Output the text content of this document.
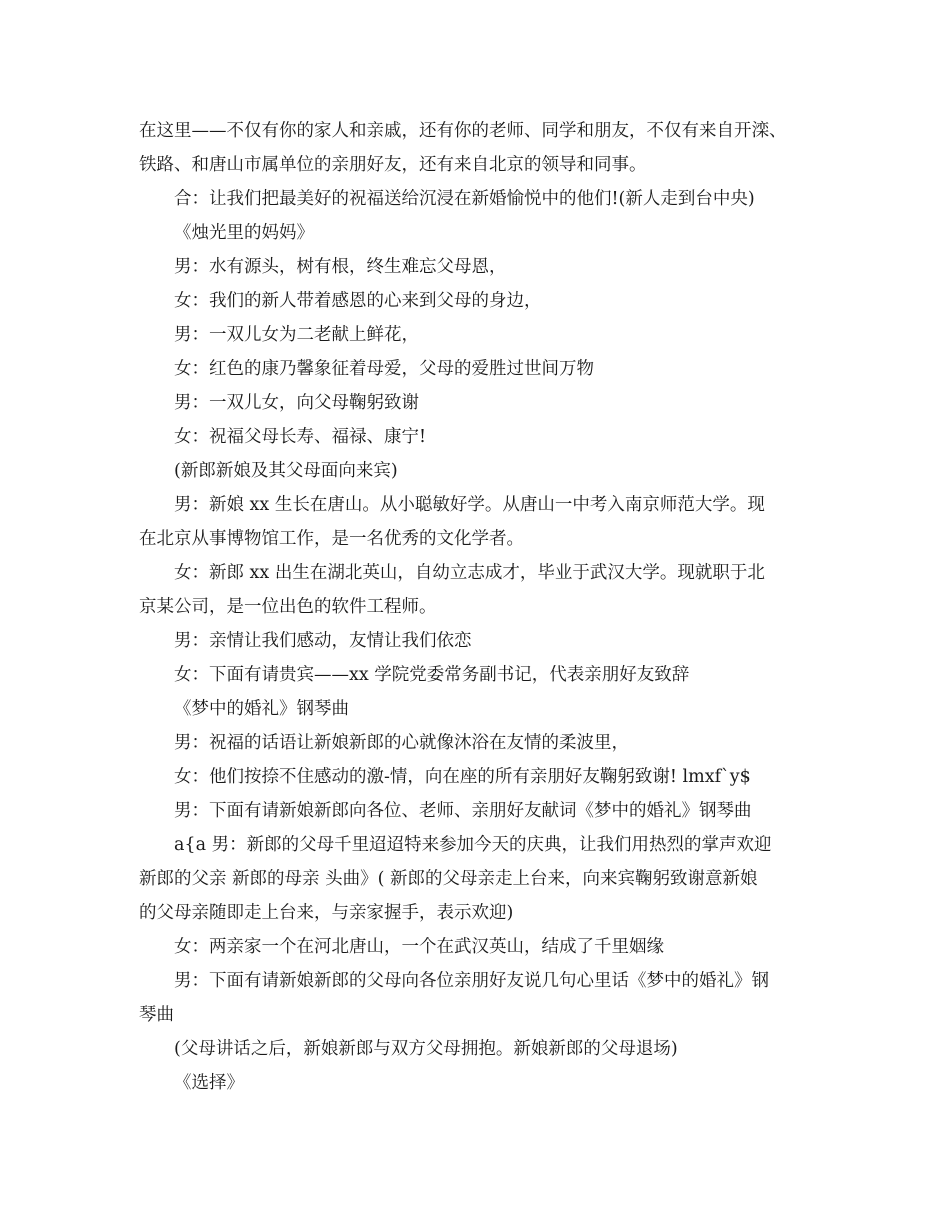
在这里——不仅有你的家人和亲戚，还有你的老师、同学和朋友，不仅有来自开滦、
铁路、和唐山市属单位的亲朋好友，还有来自北京的领导和同事。
合：让我们把最美好的祝福送给沉浸在新婚愉悦中的他们!(新人走到台中央)
《烛光里的妈妈》
男：水有源头，树有根，终生难忘父母恩，
女：我们的新人带着感恩的心来到父母的身边，
男：一双儿女为二老献上鲜花，
女：红色的康乃馨象征着母爱，父母的爱胜过世间万物
男：一双儿女，向父母鞠躬致谢
女：祝福父母长寿、福禄、康宁!
(新郎新娘及其父母面向来宾)
男：新娘 xx 生长在唐山。从小聪敏好学。从唐山一中考入南京师范大学。现
在北京从事博物馆工作，是一名优秀的文化学者。
女：新郎 xx 出生在湖北英山，自幼立志成才，毕业于武汉大学。现就职于北
京某公司，是一位出色的软件工程师。
男：亲情让我们感动，友情让我们依恋
女：下面有请贵宾——xx 学院党委常务副书记，代表亲朋好友致辞
《梦中的婚礼》钢琴曲
男：祝福的话语让新娘新郎的心就像沐浴在友情的柔波里，
女：他们按捺不住感动的激-情，向在座的所有亲朋好友鞠躬致谢! lmxf`y$
男：下面有请新娘新郎向各位、老师、亲朋好友献词《梦中的婚礼》钢琴曲
a{a 男：新郎的父母千里迢迢特来参加今天的庆典，让我们用热烈的掌声欢迎
新郎的父亲 新郎的母亲 头曲》( 新郎的父母亲走上台来，向来宾鞠躬致谢意新娘
的父母亲随即走上台来，与亲家握手，表示欢迎)
女：两亲家一个在河北唐山，一个在武汉英山，结成了千里姻缘
男：下面有请新娘新郎的父母向各位亲朋好友说几句心里话《梦中的婚礼》钢
琴曲
(父母讲话之后，新娘新郎与双方父母拥抱。新娘新郎的父母退场)
《选择》
